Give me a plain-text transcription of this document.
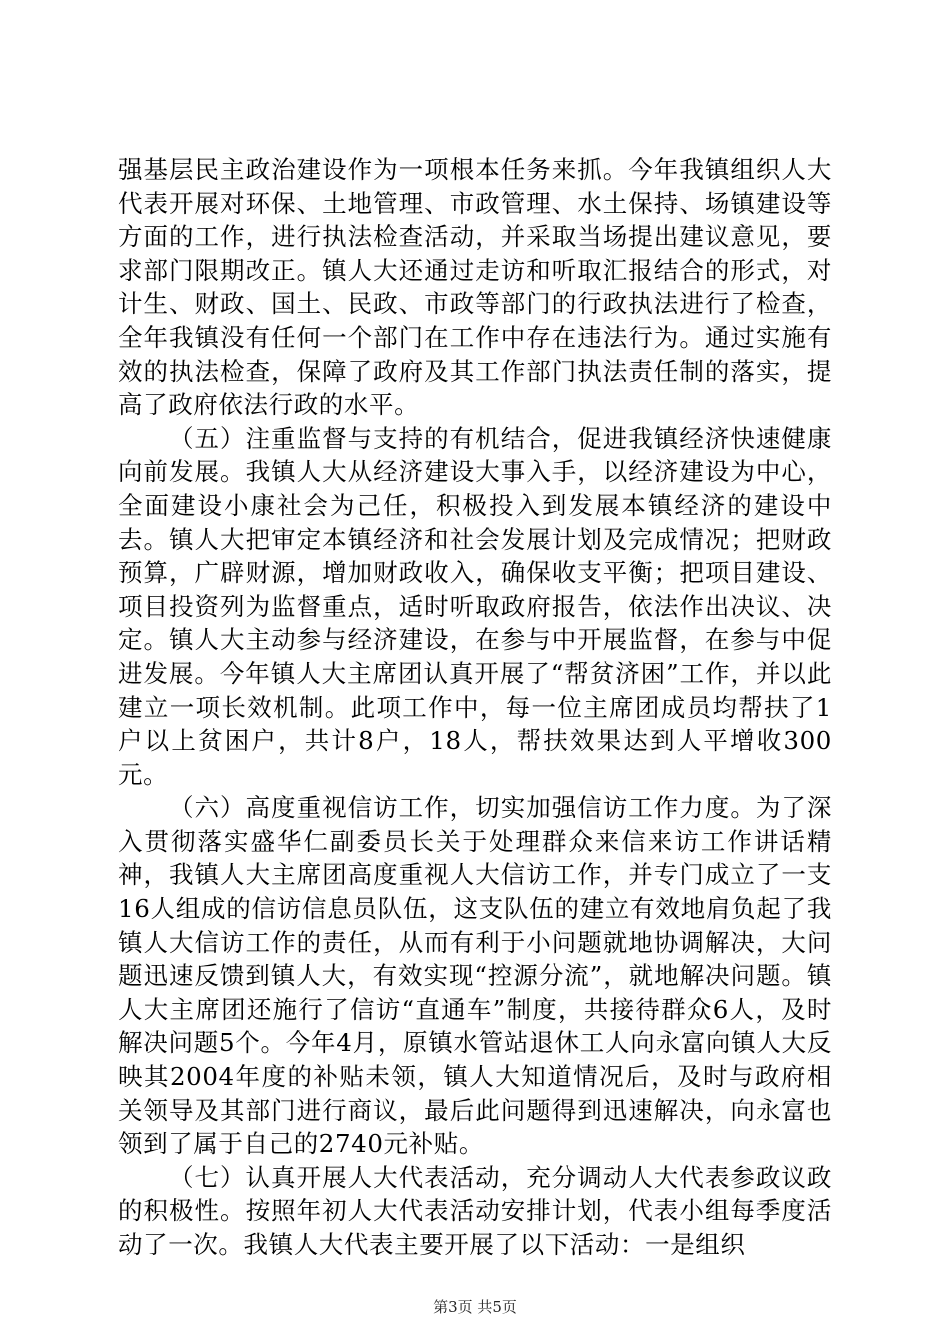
强基层民主政治建设作为一项根本任务来抓。今年我镇组织人大代表开展对环保、土地管理、市政管理、水土保持、场镇建设等方面的工作，进行执法检查活动，并采取当场提出建议意见，要求部门限期改正。镇人大还通过走访和听取汇报结合的形式，对计生、财政、国土、民政、市政等部门的行政执法进行了检查，全年我镇没有任何一个部门在工作中存在违法行为。通过实施有效的执法检查，保障了政府及其工作部门执法责任制的落实，提高了政府依法行政的水平。

（五）注重监督与支持的有机结合，促进我镇经济快速健康向前发展。我镇人大从经济建设大事入手，以经济建设为中心，全面建设小康社会为己任，积极投入到发展本镇经济的建设中去。镇人大把审定本镇经济和社会发展计划及完成情况；把财政预算，广辟财源，增加财政收入，确保收支平衡；把项目建设、项目投资列为监督重点，适时听取政府报告，依法作出决议、决定。镇人大主动参与经济建设，在参与中开展监督，在参与中促进发展。今年镇人大主席团认真开展了“帮贫济困”工作，并以此建立一项长效机制。此项工作中，每一位主席团成员均帮扶了1户以上贫困户，共计8户，18人，帮扶效果达到人平增收300元。

（六）高度重视信访工作，切实加强信访工作力度。为了深入贯彻落实盛华仁副委员长关于处理群众来信来访工作讲话精神，我镇人大主席团高度重视人大信访工作，并专门成立了一支16人组成的信访信息员队伍，这支队伍的建立有效地肩负起了我镇人大信访工作的责任，从而有利于小问题就地协调解决，大问题迅速反馈到镇人大，有效实现“控源分流”，就地解决问题。镇人大主席团还施行了信访“直通车”制度，共接待群众6人，及时解决问题5个。今年4月，原镇水管站退休工人向永富向镇人大反映其2004年度的补贴未领，镇人大知道情况后，及时与政府相关领导及其部门进行商议，最后此问题得到迅速解决，向永富也领到了属于自己的2740元补贴。

（七）认真开展人大代表活动，充分调动人大代表参政议政的积极性。按照年初人大代表活动安排计划，代表小组每季度活动了一次。我镇人大代表主要开展了以下活动：一是组织

第3页 共5页
